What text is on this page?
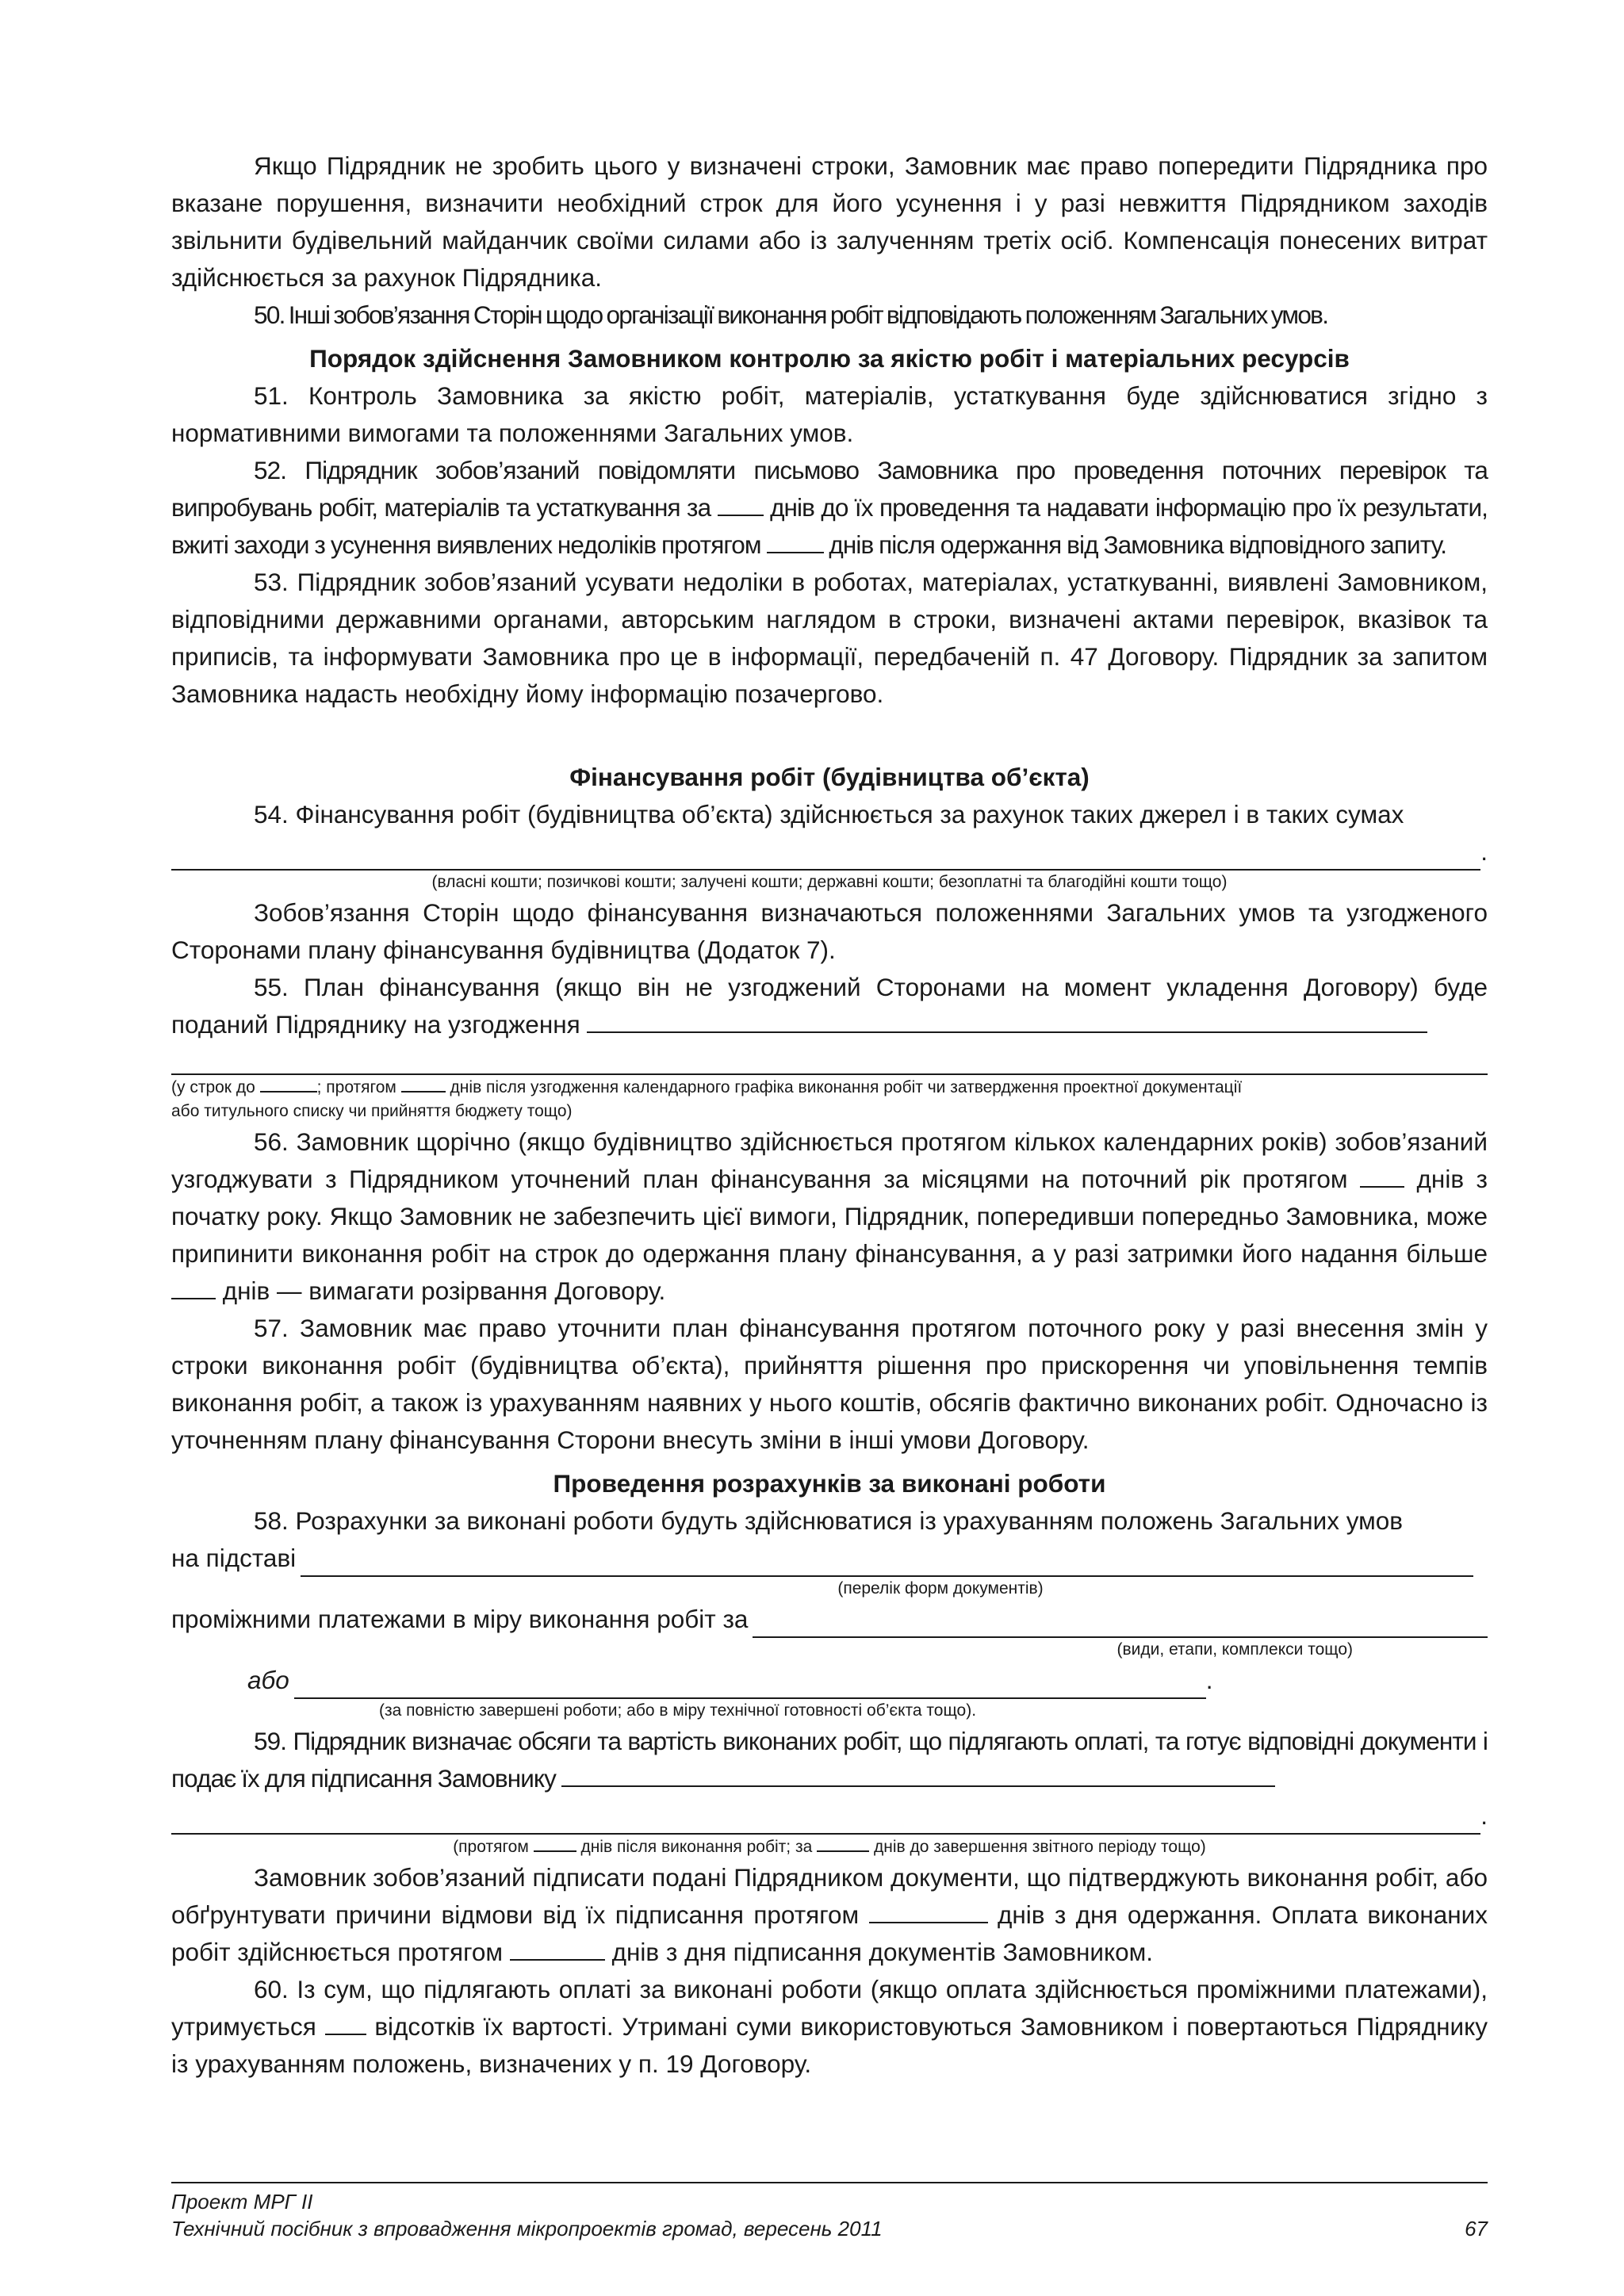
Якщо Підрядник не зробить цього у визначені строки, Замовник має право попередити Підрядника про вказане порушення, визначити необхідний строк для його усунення і у разі невжиття Підрядником заходів звільнити будівельний майданчик своїми силами або із залученням третіх осіб. Компенсація понесених витрат здійснюється за рахунок Підрядника.

50. Інші зобов’язання Сторін щодо організації виконання робіт відповідають положенням Загальних умов.

Порядок здійснення Замовником контролю за якістю робіт і матеріальних ресурсів

51. Контроль Замовника за якістю робіт, матеріалів, устаткування буде здійснюватися згідно з нормативними вимогами та положеннями Загальних умов.

52. Підрядник зобов’язаний повідомляти письмово Замовника про проведення поточних перевірок та випробувань робіт, матеріалів та устаткування за днів до їх проведення та надавати інформацію про їх результати, вжиті заходи з усунення виявлених недоліків протягом	днів після одержання від Замовника відповідного запиту.

53. Підрядник зобов’язаний усувати недоліки в роботах, матеріалах, устаткуванні, виявлені Замовником, відповідними державними органами, авторським наглядом в строки, визначені актами перевірок, вказівок та приписів, та інформувати Замовника про це в інформації, передбаченій п. 47 Договору. Підрядник за запитом Замовника надасть необхідну йому інформацію позачергово.

Фінансування робіт (будівництва об’єкта)

54. Фінансування робіт (будівництва об’єкта) здійснюється за рахунок таких джерел і в таких сумах

.
(власні кошти; позичкові кошти; залучені кошти; державні кошти; безоплатні та благодійні кошти тощо)

Зобов’язання Сторін щодо фінансування визначаються положеннями Загальних умов та узгодженого Сторонами плану фінансування будівництва (Додаток 7).

55. План фінансування (якщо він не узгоджений Сторонами на момент укладення Договору) буде поданий Підряднику на узгодження

(у строк до	; протягом	днів після узгодження календарного графіка виконання робіт чи затвердження проектної документації
або титульного списку чи прийняття бюджету тощо)

56. Замовник щорічно (якщо будівництво здійснюється протягом кількох календарних років) зобов’язаний узгоджувати з Підрядником уточнений план фінансування за місяцями на поточний рік протягом	днів з початку року. Якщо Замовник не забезпечить цієї вимоги, Підрядник, попередивши попередньо Замовника, може припинити виконання робіт на строк до одержання плану фінансування, а у разі затримки його надання більше  днів — вимагати розірвання Договору.

57. Замовник має право уточнити план фінансування протягом поточного року у разі внесення змін у строки виконання робіт (будівництва об’єкта), прийняття рішення про прискорення чи уповільнення темпів виконання робіт, а також із урахуванням наявних у нього коштів, обсягів фактично виконаних робіт. Одночасно із уточненням плану фінансування Сторони внесуть зміни в інші умови Договору.

Проведення розрахунків за виконані роботи

58. Розрахунки за виконані роботи будуть здійснюватися із урахуванням положень Загальних умов

на підставі
(перелік форм документів)
проміжними платежами в міру виконання робіт за
(види, етапи, комплекси тощо)
або	.
(за повністю завершені роботи; або в міру технічної готовності об’єкта тощо).

59. Підрядник визначає обсяги та вартість виконаних робіт, що підлягають оплаті, та готує відповідні документи і подає їх для підписання Замовнику

.
(протягом	днів після виконання робіт; за	днів до завершення звітного періоду тощо)

Замовник зобов’язаний підписати подані Підрядником документи, що підтверджують виконання робіт, або обґрунтувати причини відмови від їх підписання протягом	днів з дня одержання. Оплата виконаних робіт здійснюється протягом	днів з дня підписання документів Замовником.

60. Із сум, що підлягають оплаті за виконані роботи (якщо оплата здійснюється проміжними платежами), утримується відсотків їх вартості. Утримані суми використовуються Замовником і повертаються Підряднику із урахуванням положень, визначених у п. 19 Договору.

Проект МРГ ІІ
Технічний посібник з впровадження мікропроектів громад, вересень 2011	67
